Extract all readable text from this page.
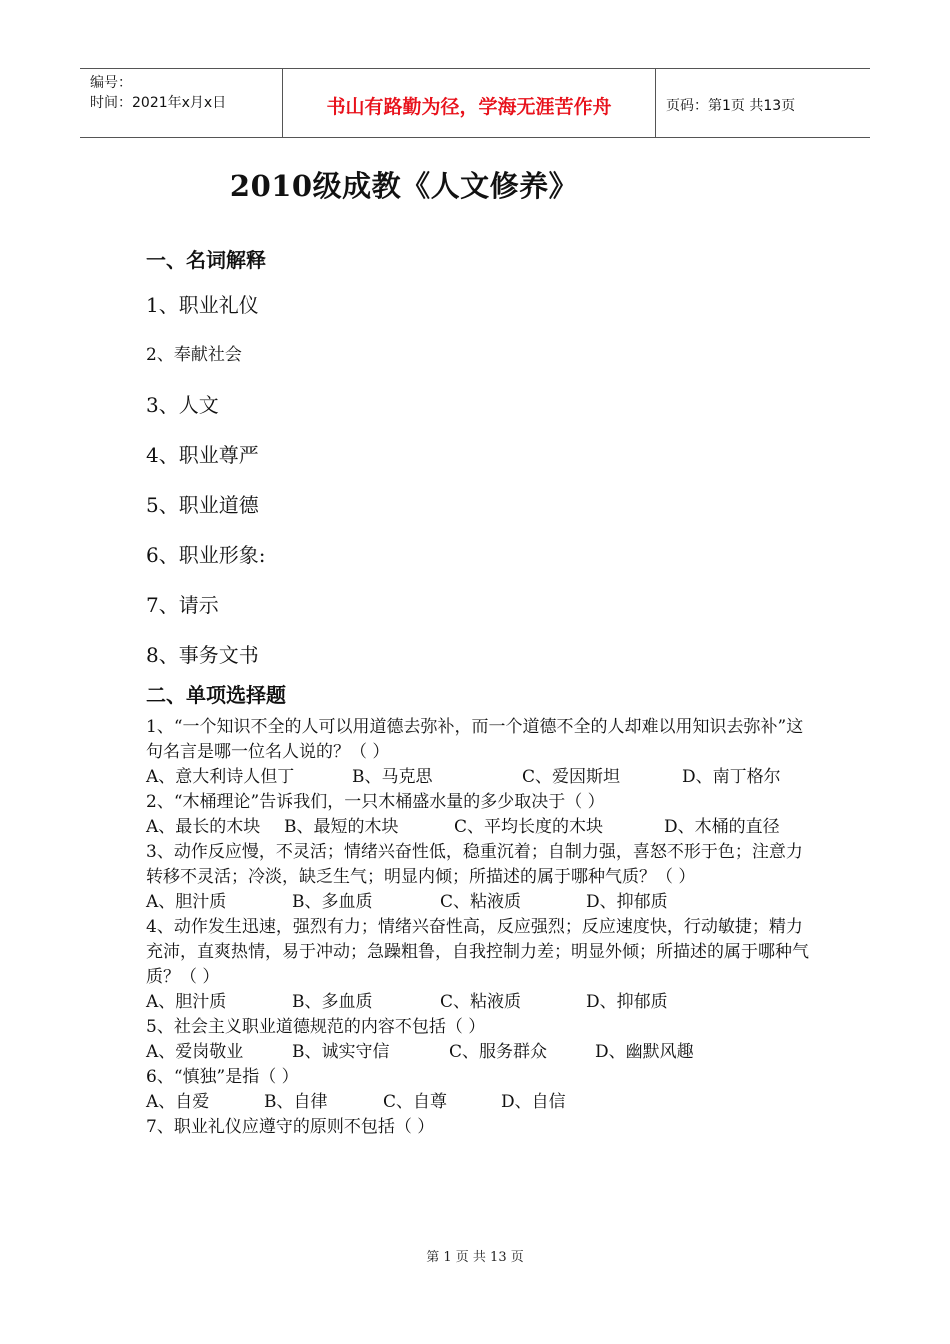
编号：
时间：2021年x月x日	书山有路勤为径，学海无涯苦作舟	页码：第1页 共13页
2010级成教《人文修养》
一、名词解释
1、职业礼仪
2、奉献社会
3、人文
4、职业尊严
5、职业道德
6、职业形象:
7、请示
8、事务文书
二、单项选择题
1、“一个知识不全的人可以用道德去弥补，而一个道德不全的人却难以用知识去弥补”这句名言是哪一位名人说的？（ ）
A、意大利诗人但丁	B、马克思	C、爱因斯坦	D、南丁格尔
2、“木桶理论”告诉我们，一只木桶盛水量的多少取决于（ ）
A、最长的木块	B、最短的木块	C、平均长度的木块	D、木桶的直径
3、动作反应慢，不灵活；情绪兴奋性低，稳重沉着；自制力强，喜怒不形于色；注意力转移不灵活；冷淡，缺乏生气；明显内倾；所描述的属于哪种气质？（ ）
A、胆汁质	B、多血质	C、粘液质	D、抑郁质
4、动作发生迅速，强烈有力；情绪兴奋性高，反应强烈；反应速度快，行动敏捷；精力充沛，直爽热情，易于冲动；急躁粗鲁，自我控制力差；明显外倾；所描述的属于哪种气质？（ ）
A、胆汁质	B、多血质	C、粘液质	D、抑郁质
5、社会主义职业道德规范的内容不包括（ ）
A、爱岗敬业	B、诚实守信	C、服务群众	D、幽默风趣
6、“慎独”是指（ ）
A、自爱	B、自律	C、自尊	D、自信
7、职业礼仪应遵守的原则不包括（ ）
第 1 页 共 13 页
